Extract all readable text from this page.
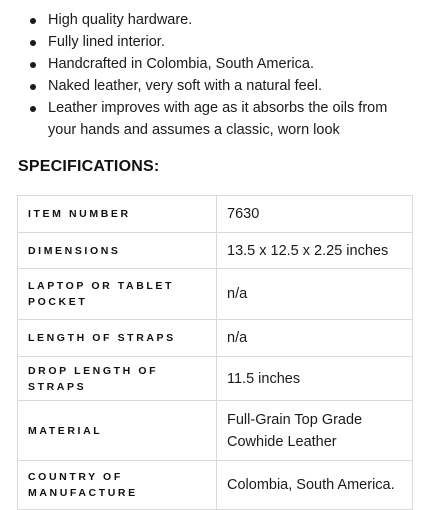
High quality hardware.
Fully lined interior.
Handcrafted in Colombia, South America.
Naked leather, very soft with a natural feel.
Leather improves with age as it absorbs the oils from your hands and assumes a classic, worn look
SPECIFICATIONS:
ITEM NUMBER	7630
DIMENSIONS	13.5 x 12.5 x 2.25 inches
LAPTOP OR TABLET POCKET	n/a
LENGTH OF STRAPS	n/a
DROP LENGTH OF STRAPS	11.5 inches
MATERIAL	Full-Grain Top Grade Cowhide Leather
COUNTRY OF MANUFACTURE	Colombia, South America.
